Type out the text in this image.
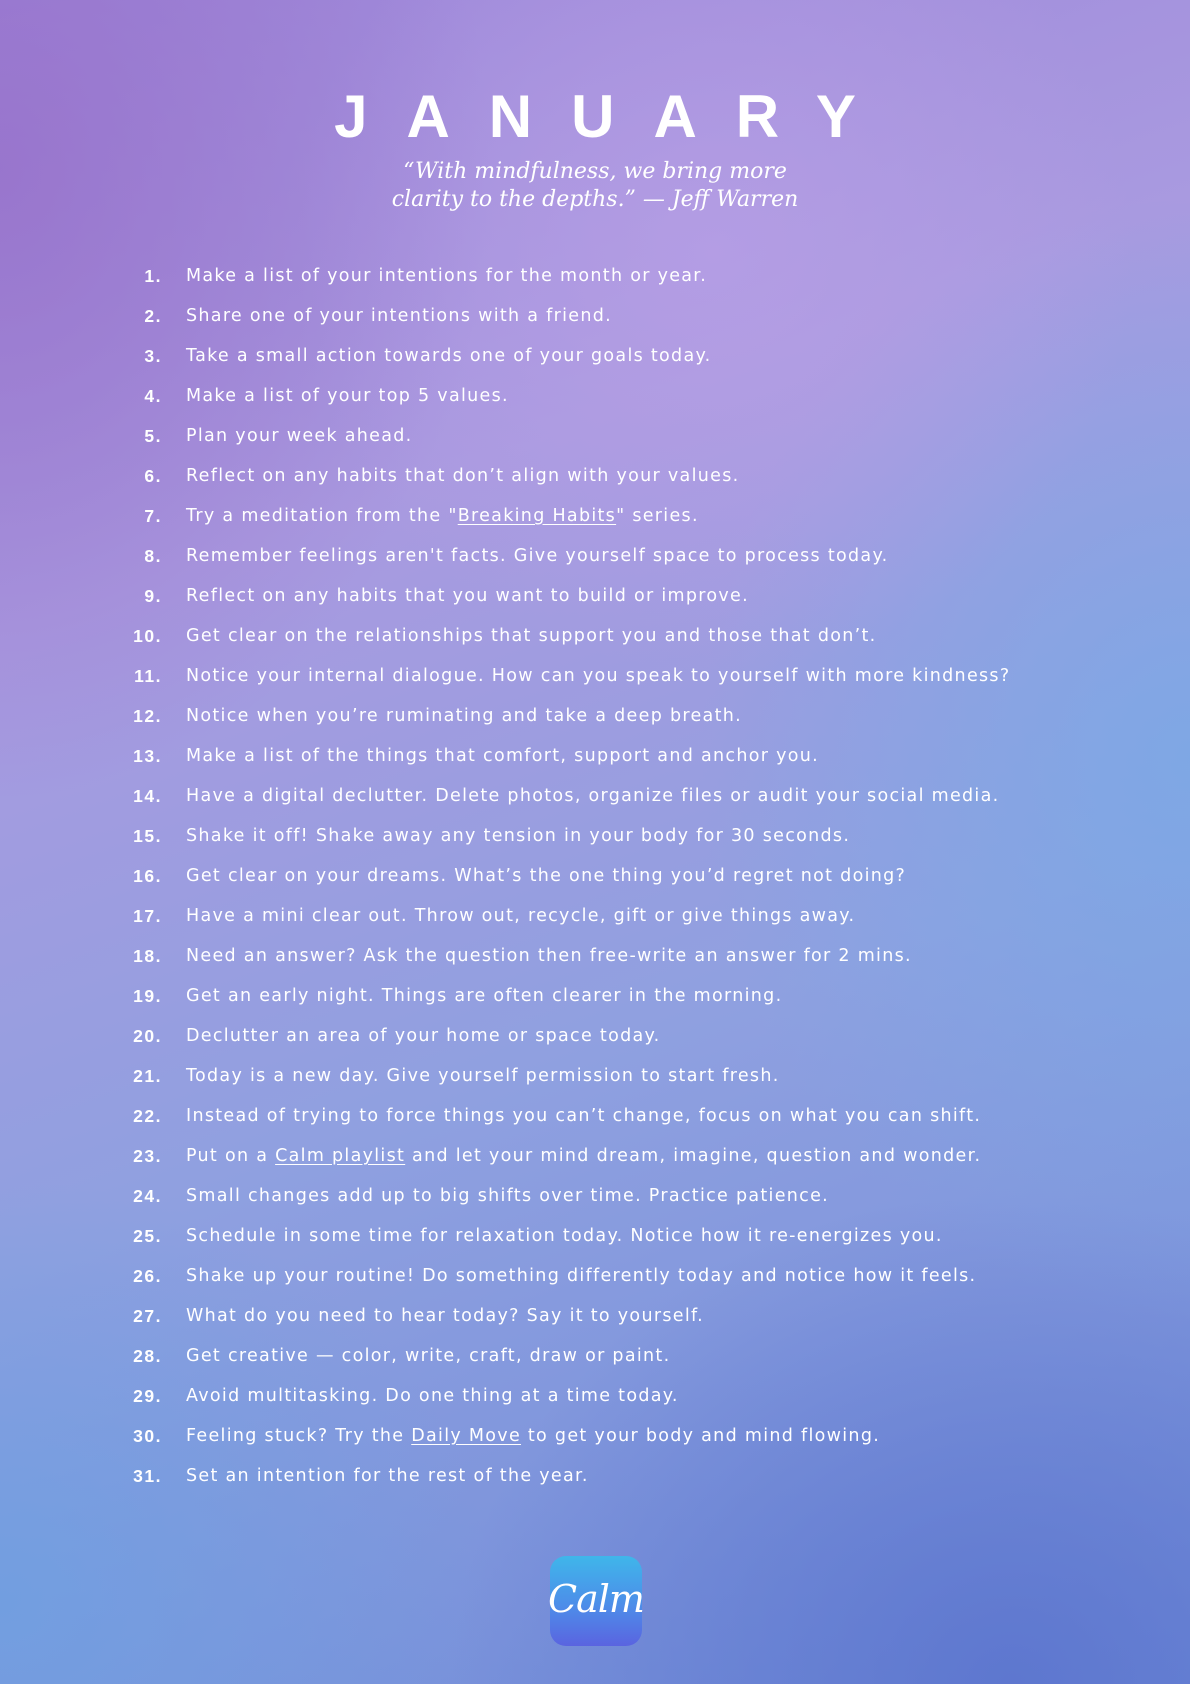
JANUARY
“With mindfulness, we bring more
clarity to the depths.” — Jeff Warren
1.	Make a list of your intentions for the month or year.
2.	Share one of your intentions with a friend.
3.	Take a small action towards one of your goals today.
4.	Make a list of your top 5 values.
5.	Plan your week ahead.
6.	Reflect on any habits that don’t align with your values.
7.	Try a meditation from the "Breaking Habits" series.
8.	Remember feelings aren't facts. Give yourself space to process today.
9.	Reflect on any habits that you want to build or improve.
10.	Get clear on the relationships that support you and those that don’t.
11.	Notice your internal dialogue. How can you speak to yourself with more kindness?
12.	Notice when you’re ruminating and take a deep breath.
13.	Make a list of the things that comfort, support and anchor you.
14.	Have a digital declutter. Delete photos, organize files or audit your social media.
15.	Shake it off! Shake away any tension in your body for 30 seconds.
16.	Get clear on your dreams. What’s the one thing you’d regret not doing?
17.	Have a mini clear out. Throw out, recycle, gift or give things away.
18.	Need an answer? Ask the question then free-write an answer for 2 mins.
19.	Get an early night. Things are often clearer in the morning.
20.	Declutter an area of your home or space today.
21.	Today is a new day. Give yourself permission to start fresh.
22.	Instead of trying to force things you can’t change, focus on what you can shift.
23.	Put on a Calm playlist and let your mind dream, imagine, question and wonder.
24.	Small changes add up to big shifts over time. Practice patience.
25.	Schedule in some time for relaxation today. Notice how it re-energizes you.
26.	Shake up your routine! Do something differently today and notice how it feels.
27.	What do you need to hear today? Say it to yourself.
28.	Get creative — color, write, craft, draw or paint.
29.	Avoid multitasking. Do one thing at a time today.
30.	Feeling stuck? Try the Daily Move to get your body and mind flowing.
31.	Set an intention for the rest of the year.
Calm
